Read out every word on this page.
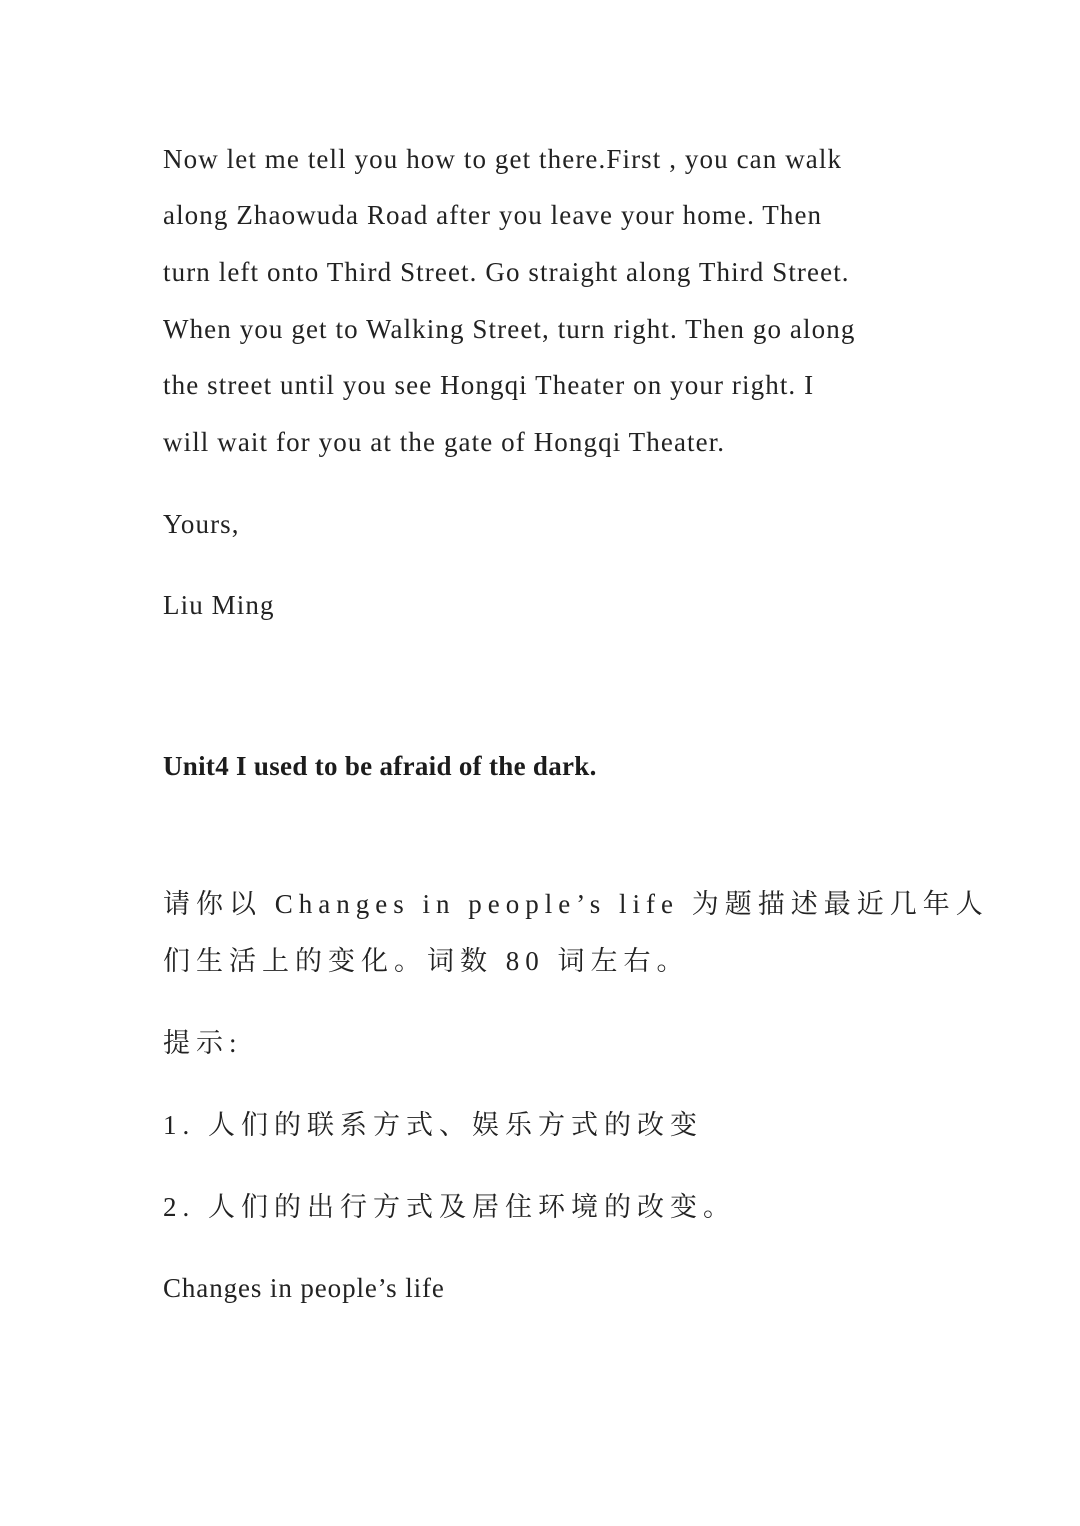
Now let me tell you how to get there.First , you can walk
along Zhaowuda Road after you leave your home. Then
turn left onto Third Street. Go straight along Third Street.
When you get to Walking Street, turn right. Then go along
the street until you see Hongqi Theater on your right. I
will wait for you at the gate of Hongqi Theater.
Yours,
Liu Ming
Unit4 I used to be afraid of the dark.
请你以 Changes in people’s life 为题描述最近几年人
们生活上的变化。词数 80 词左右。
提示:
1. 人们的联系方式、娱乐方式的改变
2. 人们的出行方式及居住环境的改变。
Changes in people’s life
